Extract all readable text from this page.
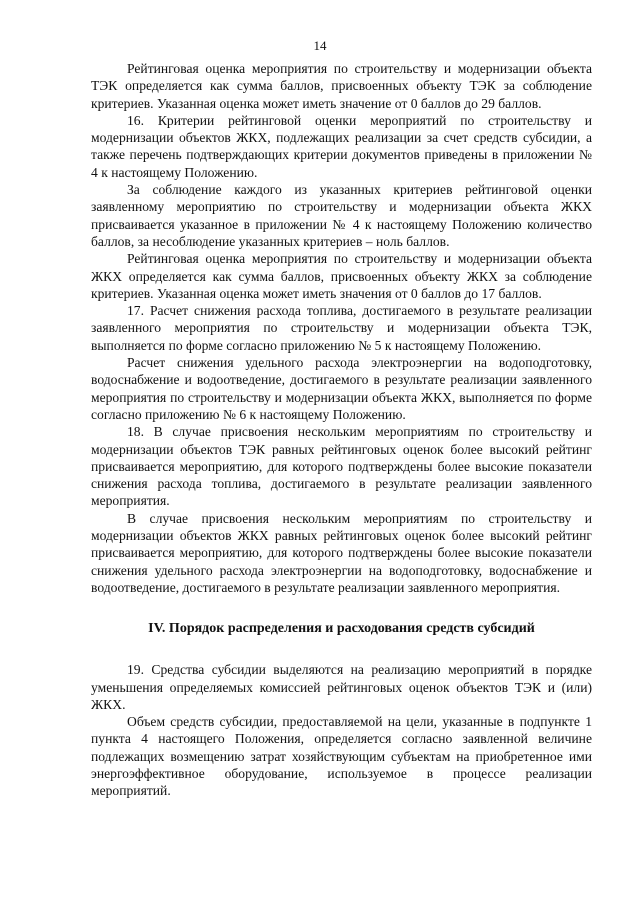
14

Рейтинговая оценка мероприятия по строительству и модернизации объекта ТЭК определяется как сумма баллов, присвоенных объекту ТЭК за соблюдение критериев. Указанная оценка может иметь значение от 0 баллов до 29 баллов.

16. Критерии рейтинговой оценки мероприятий по строительству и модернизации объектов ЖКХ, подлежащих реализации за счет средств субсидии, а также перечень подтверждающих критерии документов приведены в приложении № 4 к настоящему Положению.

За соблюдение каждого из указанных критериев рейтинговой оценки заявленному мероприятию по строительству и модернизации объекта ЖКХ присваивается указанное в приложении № 4 к настоящему Положению количество баллов, за несоблюдение указанных критериев – ноль баллов.

Рейтинговая оценка мероприятия по строительству и модернизации объекта ЖКХ определяется как сумма баллов, присвоенных объекту ЖКХ за соблюдение критериев. Указанная оценка может иметь значения от 0 баллов до 17 баллов.

17. Расчет снижения расхода топлива, достигаемого в результате реализации заявленного мероприятия по строительству и модернизации объекта ТЭК, выполняется по форме согласно приложению № 5 к настоящему Положению.

Расчет снижения удельного расхода электроэнергии на водоподготовку, водоснабжение и водоотведение, достигаемого в результате реализации заявленного мероприятия по строительству и модернизации объекта ЖКХ, выполняется по форме согласно приложению № 6 к настоящему Положению.

18. В случае присвоения нескольким мероприятиям по строительству и модернизации объектов ТЭК равных рейтинговых оценок более высокий рейтинг присваивается мероприятию, для которого подтверждены более высокие показатели снижения расхода топлива, достигаемого в результате реализации заявленного мероприятия.

В случае присвоения нескольким мероприятиям по строительству и модернизации объектов ЖКХ равных рейтинговых оценок более высокий рейтинг присваивается мероприятию, для которого подтверждены более высокие показатели снижения удельного расхода электроэнергии на водоподготовку, водоснабжение и водоотведение, достигаемого в результате реализации заявленного мероприятия.

IV. Порядок распределения и расходования средств субсидий

19. Средства субсидии выделяются на реализацию мероприятий в порядке уменьшения определяемых комиссией рейтинговых оценок объектов ТЭК и (или) ЖКХ.

Объем средств субсидии, предоставляемой на цели, указанные в подпункте 1 пункта 4 настоящего Положения, определяется согласно заявленной величине подлежащих возмещению затрат хозяйствующим субъектам на приобретенное ими энергоэффективное оборудование, используемое в процессе реализации мероприятий.
